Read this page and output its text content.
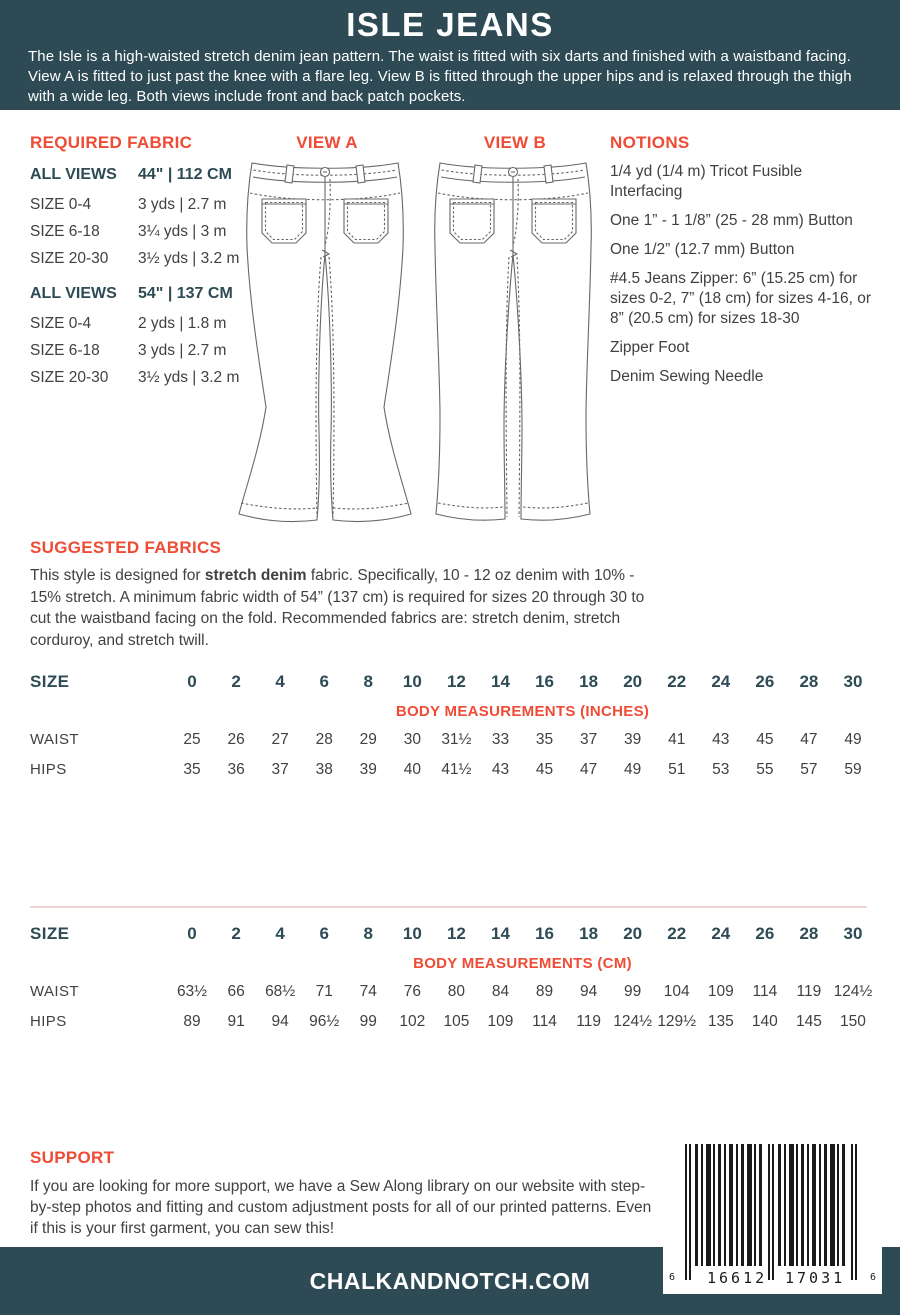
ISLE JEANS

The Isle is a high-waisted stretch denim jean pattern. The waist is fitted with six darts and finished with a waistband facing. View A is fitted to just past the knee with a flare leg. View B is fitted through the upper hips and is relaxed through the thigh with a wide leg. Both views include front and back patch pockets.

REQUIRED FABRIC
ALL VIEWS	44" | 112 CM
SIZE 0-4	3 yds | 2.7 m
SIZE 6-18	3¼ yds | 3 m
SIZE 20-30	3½ yds | 3.2 m
ALL VIEWS	54" | 137 CM
SIZE 0-4	2 yds | 1.8 m
SIZE 6-18	3 yds | 2.7 m
SIZE 20-30	3½ yds | 3.2 m
VIEW A	VIEW B	NOTIONS
1/4 yd (1/4 m) Tricot Fusible Interfacing
One 1” - 1 1/8” (25 - 28 mm) Button
One 1/2” (12.7 mm) Button
#4.5 Jeans Zipper: 6” (15.25 cm) for sizes 0-2, 7” (18 cm) for sizes 4-16, or 8” (20.5 cm) for sizes 18-30
Zipper Foot
Denim Sewing Needle
SUGGESTED FABRICS

This style is designed for stretch denim fabric. Specifically, 10 - 12 oz denim with 10% - 15% stretch. A minimum fabric width of 54” (137 cm) is required for sizes 20 through 30 to cut the waistband facing on the fold. Recommended fabrics are: stretch denim, stretch corduroy, and stretch twill.

SIZE	0	2	4	6	8	10	12	14	16	18	20	22	24	26	28	30
BODY MEASUREMENTS (INCHES)
WAIST	25	26	27	28	29	30	31½	33	35	37	39	41	43	45	47	49
HIPS	35	36	37	38	39	40	41½	43	45	47	49	51	53	55	57	59
SIZE	0	2	4	6	8	10	12	14	16	18	20	22	24	26	28	30
BODY MEASUREMENTS (CM)
WAIST	63½	66	68½	71	74	76	80	84	89	94	99	104	109	114	119 124½
HIPS	89	91	94	96½	99	102	105	109	114	119 124½ 129½ 135	140	145	150
SUPPORT

If you are looking for more support, we have a Sew Along library on our website with step-by-step photos and fitting and custom adjustment posts for all of our printed patterns. Even if this is your first garment, you can sew this!

CHALKANDNOTCH.COM	6 16612 17031 6
